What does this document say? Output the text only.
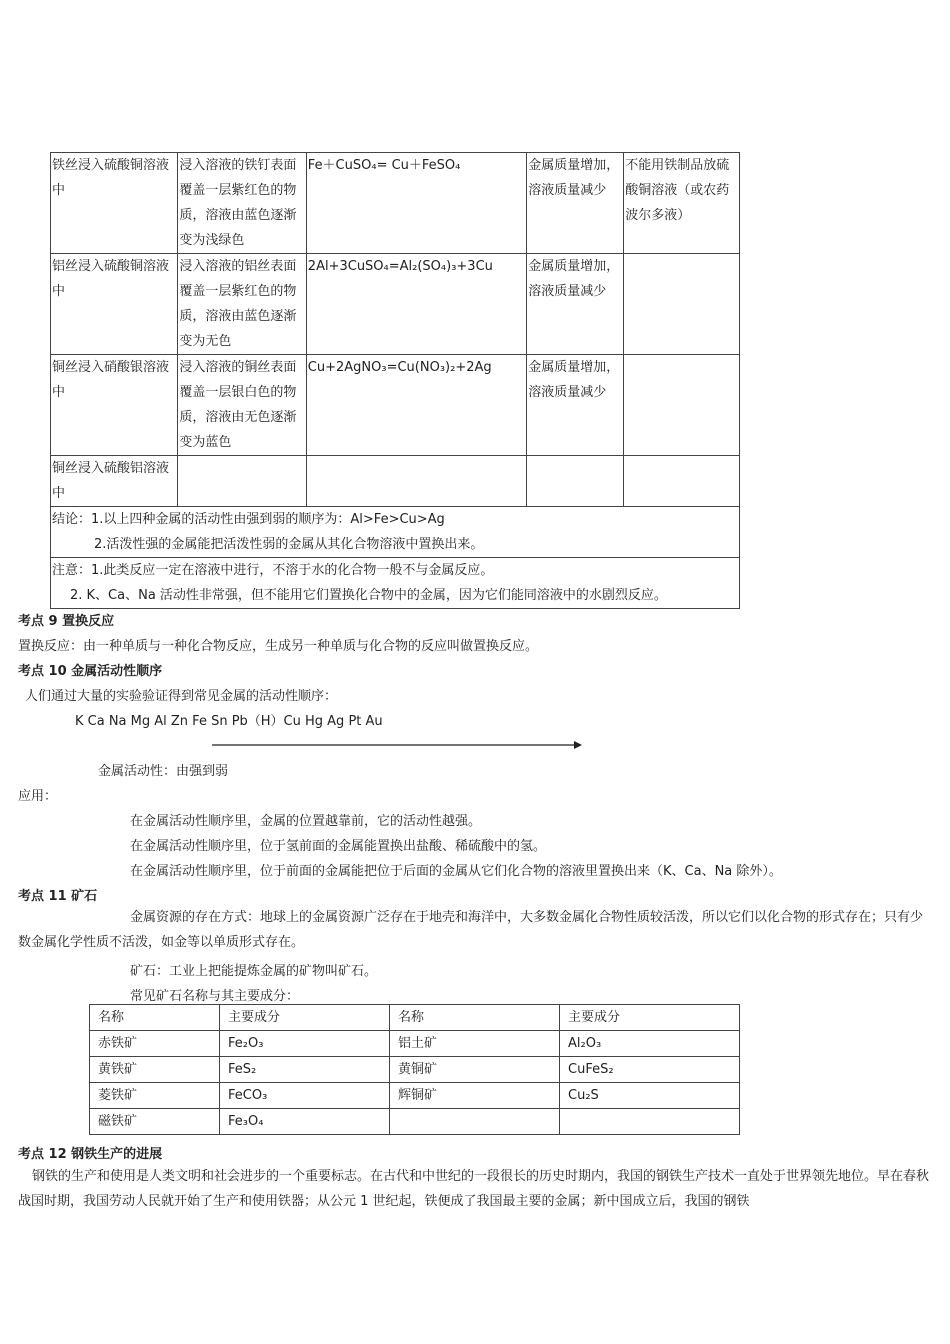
铁丝浸入硫酸铜溶液中	浸入溶液的铁钉表面覆盖一层紫红色的物质，溶液由蓝色逐渐变为浅绿色	Fe＋CuSO₄= Cu＋FeSO₄	金属质量增加，溶液质量减少	不能用铁制品放硫酸铜溶液（或农药波尔多液）
铝丝浸入硫酸铜溶液中	浸入溶液的铝丝表面覆盖一层紫红色的物质，溶液由蓝色逐渐变为无色	2Al+3CuSO₄=Al₂(SO₄)₃+3Cu	金属质量增加，溶液质量减少	
铜丝浸入硝酸银溶液中	浸入溶液的铜丝表面覆盖一层银白色的物质，溶液由无色逐渐变为蓝色	Cu+2AgNO₃=Cu(NO₃)₂+2Ag	金属质量增加，溶液质量减少	
铜丝浸入硫酸铝溶液中				

结论：1.以上四种金属的活动性由强到弱的顺序为：Al>Fe>Cu>Ag
2.活泼性强的金属能把活泼性弱的金属从其化合物溶液中置换出来。				

注意：1.此类反应一定在溶液中进行，不溶于水的化合物一般不与金属反应。
2. K、Ca、Na 活动性非常强，但不能用它们置换化合物中的金属，因为它们能同溶液中的水剧烈反应。				
考点 9 置换反应
置换反应：由一种单质与一种化合物反应，生成另一种单质与化合物的反应叫做置换反应。
考点 10 金属活动性顺序
人们通过大量的实验验证得到常见金属的活动性顺序：
K Ca Na Mg Al Zn Fe Sn Pb（H）Cu Hg Ag Pt Au
金属活动性：由强到弱
应用：
在金属活动性顺序里，金属的位置越靠前，它的活动性越强。
在金属活动性顺序里，位于氢前面的金属能置换出盐酸、稀硫酸中的氢。
在金属活动性顺序里，位于前面的金属能把位于后面的金属从它们化合物的溶液里置换出来（K、Ca、Na 除外）。
考点 11 矿石
金属资源的存在方式：地球上的金属资源广泛存在于地壳和海洋中，大多数金属化合物性质较活泼，所以它们以化合物的形式存在；只有少数金属化学性质不活泼，如金等以单质形式存在。
矿石：工业上把能提炼金属的矿物叫矿石。
常见矿石名称与其主要成分：
名称	主要成分	名称	主要成分
赤铁矿	Fe₂O₃	铝土矿	Al₂O₃
黄铁矿	FeS₂	黄铜矿	CuFeS₂
菱铁矿	FeCO₃	辉铜矿	Cu₂S
磁铁矿	Fe₃O₄		
考点 12 钢铁生产的进展
钢铁的生产和使用是人类文明和社会进步的一个重要标志。在古代和中世纪的一段很长的历史时期内，我国的钢铁生产技术一直处于世界领先地位。早在春秋战国时期，我国劳动人民就开始了生产和使用铁器；从公元 1 世纪起，铁便成了我国最主要的金属；新中国成立后，我国的钢铁
